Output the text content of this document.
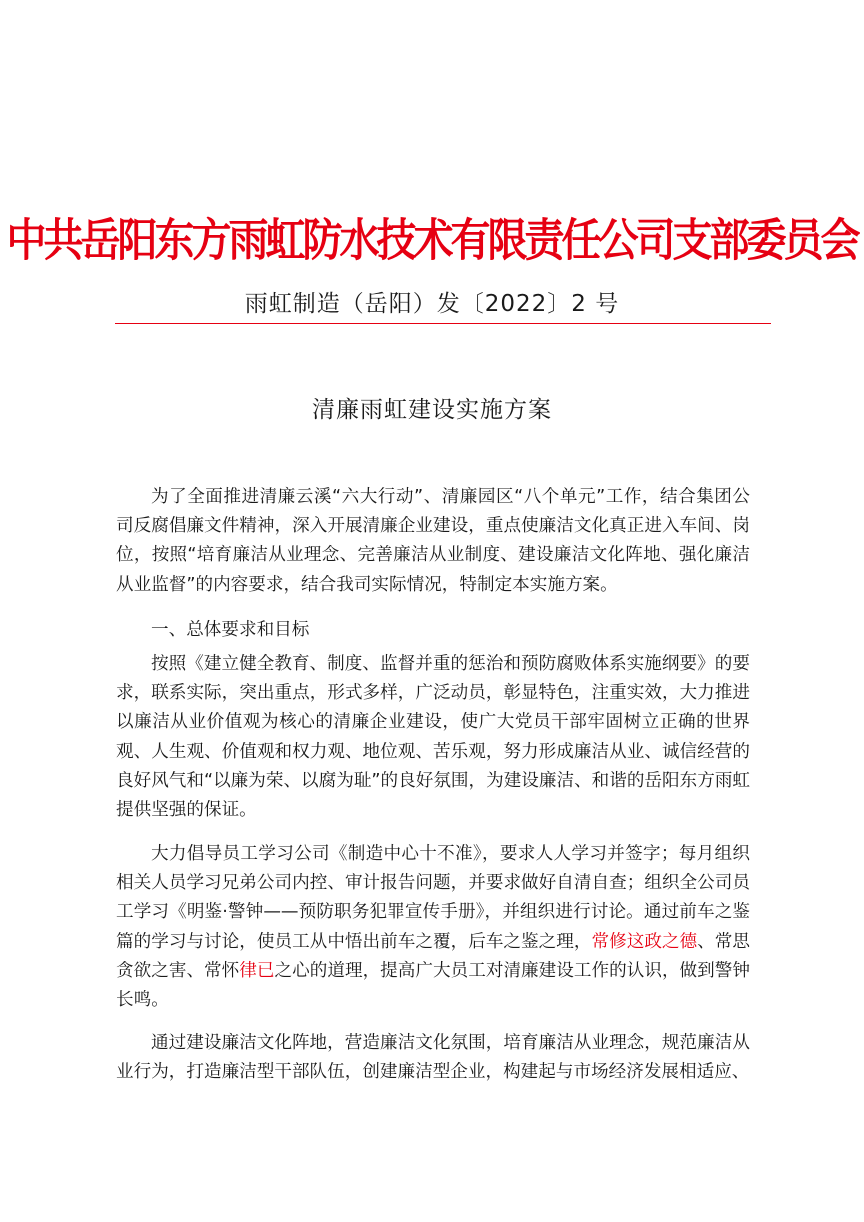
中共岳阳东方雨虹防水技术有限责任公司支部委员会
雨虹制造（岳阳）发〔2022〕2 号
清廉雨虹建设实施方案

为了全面推进清廉云溪“六大行动”、清廉园区“八个单元”工作，结合集团公司反腐倡廉文件精神，深入开展清廉企业建设，重点使廉洁文化真正进入车间、岗位，按照“培育廉洁从业理念、完善廉洁从业制度、建设廉洁文化阵地、强化廉洁从业监督”的内容要求，结合我司实际情况，特制定本实施方案。

一、总体要求和目标

按照《建立健全教育、制度、监督并重的惩治和预防腐败体系实施纲要》的要求，联系实际，突出重点，形式多样，广泛动员，彰显特色，注重实效，大力推进以廉洁从业价值观为核心的清廉企业建设，使广大党员干部牢固树立正确的世界观、人生观、价值观和权力观、地位观、苦乐观，努力形成廉洁从业、诚信经营的良好风气和“以廉为荣、以腐为耻”的良好氛围，为建设廉洁、和谐的岳阳东方雨虹提供坚强的保证。

大力倡导员工学习公司《制造中心十不准》，要求人人学习并签字；每月组织相关人员学习兄弟公司内控、审计报告问题，并要求做好自清自查；组织全公司员工学习《明鉴·警钟——预防职务犯罪宣传手册》，并组织进行讨论。通过前车之鉴篇的学习与讨论，使员工从中悟出前车之覆，后车之鉴之理，常修这政之德、常思贪欲之害、常怀律已之心的道理，提高广大员工对清廉建设工作的认识，做到警钟长鸣。

通过建设廉洁文化阵地，营造廉洁文化氛围，培育廉洁从业理念，规范廉洁从业行为，打造廉洁型干部队伍，创建廉洁型企业，构建起与市场经济发展相适应、
